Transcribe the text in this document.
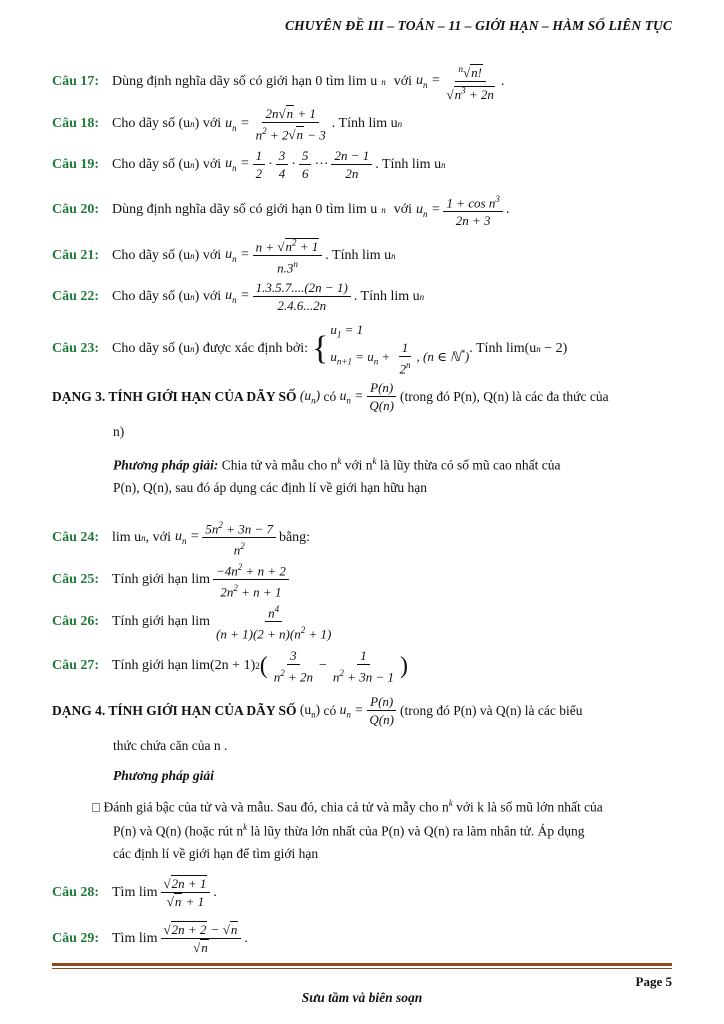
CHUYÊN ĐỀ III – TOÁN – 11 – GIỚI HẠN – HÀM SỐ LIÊN TỤC
Câu 17: Dùng định nghĩa dãy số có giới hạn 0 tìm lim u n với $u_n = ^n√$ n!
√ $n^3 + 2n$ .
Câu 18: Cho dãy số (u n ) với $u_n = \frac{2n√ n + 1}{n^2 + 2√ n - 3}$ . Tính lim u n
Câu 19: Cho dãy số (u n ) với $u_n = \frac{1}{2} \cdot \frac{3}{4} \cdot \frac{5}{6}$ ··· $\frac{2n - 1}{2n}$ . Tính lim u n
Câu 20: Dùng định nghĩa dãy số có giới hạn 0 tìm lim u n với $u_n = \frac{1 + \cos n^3}{2n + 3}$ .
Câu 21: Cho dãy số (u n ) với $u_n = \frac{n + √ n^2 + 1}{n.3^n}$ . Tính lim u n
Câu 22: Cho dãy số (u n ) với $u_n = \frac{1.3.5.7....(2n - 1)}{2.4.6...2n}$ . Tính lim u n
Câu 23: Cho dãy số (u n ) được xác định bởi: {
$u_1 = 1$
$u_{n+1} = u_n + \frac{1}{2^n}$ , (n ∈ ℕ*)
. Tính lim(u n − 2)
DẠNG 3. TÍNH GIỚI HẠN CỦA DÃY SỐ $(u_n)$ có $u_n = \frac{P(n)}{Q(n)}$ (trong đó P(n), Q(n) là các đa thức của
n)
Phương pháp giải: Chia tử và mẫu cho $n^k$ với $n^k$ là lũy thừa có số mũ cao nhất của
P(n), Q(n), sau đó áp dụng các định lí về giới hạn hữu hạn
Câu 24: lim u n , với $u_n = \frac{5n^2 + 3n - 7}{n^2}$ bằng:
Câu 25: Tính giới hạn $\lim \frac{-4n^2 + n + 2}{2n^2 + n + 1}$
Câu 26: Tính giới hạn $\lim \frac{n^4}{(n + 1)(2 + n)(n^2 + 1)}$
Câu 27: Tính giới hạn lim(2n + 1) 2 ( $\frac{3}{n^2 + 2n} - \frac{1}{n^2 + 3n - 1}$ )
DẠNG 4. TÍNH GIỚI HẠN CỦA DÃY SỐ $(u_n)$ có $u_n = \frac{P(n)}{Q(n)}$ (trong đó P(n) và Q(n) là các biểu
thức chứa căn của n .
Phương pháp giải
□ Đánh giá bậc của tử và và mẫu. Sau đó, chia cả tử và mẫy cho $n^k$ với k là số mũ lớn nhất của
P(n) và Q(n) (hoặc rút $n^k$ là lũy thừa lớn nhất của P(n) và Q(n) ra làm nhân tử. Áp dụng
các định lí về giới hạn để tìm giới hạn
Câu 28: Tìm lim
√ 2n + 1
√ n + 1 .
Câu 29: Tìm lim
√ 2n + 2 − √ n
√ n .
Page 5
Sưu tầm và biên soạn
